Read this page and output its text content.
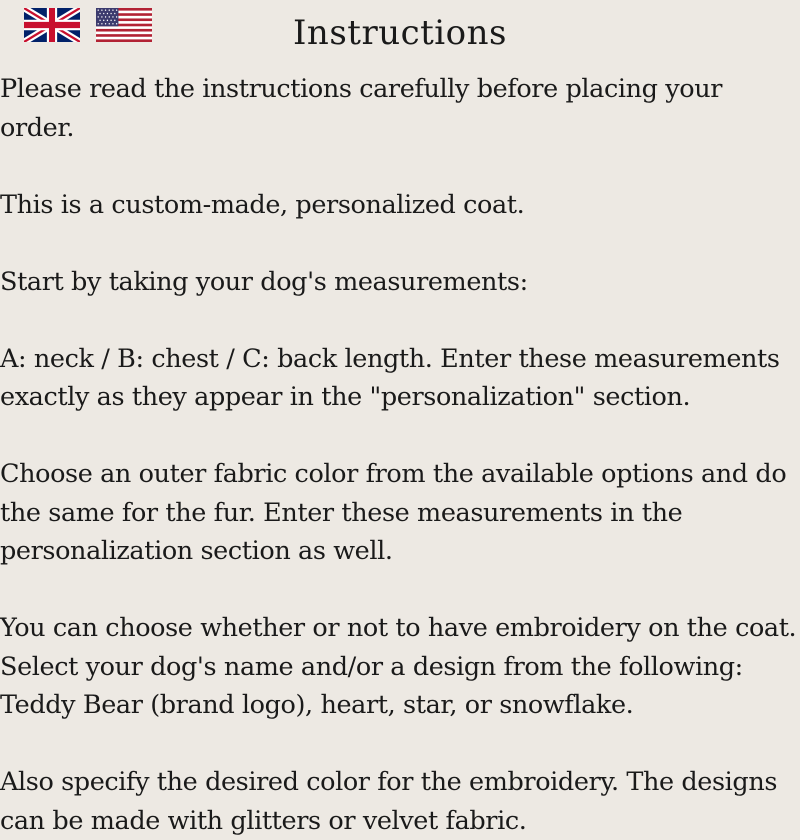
Instructions

Please read the instructions carefully before placing your order.

This is a custom-made, personalized coat.

Start by taking your dog's measurements:

A: neck / B: chest / C: back length. Enter these measurements exactly as they appear in the "personalization" section.

Choose an outer fabric color from the available options and do the same for the fur. Enter these measurements in the personalization section as well.

You can choose whether or not to have embroidery on the coat. Select your dog's name and/or a design from the following: Teddy Bear (brand logo), heart, star, or snowflake.

Also specify the desired color for the embroidery. The designs can be made with glitters or velvet fabric.
